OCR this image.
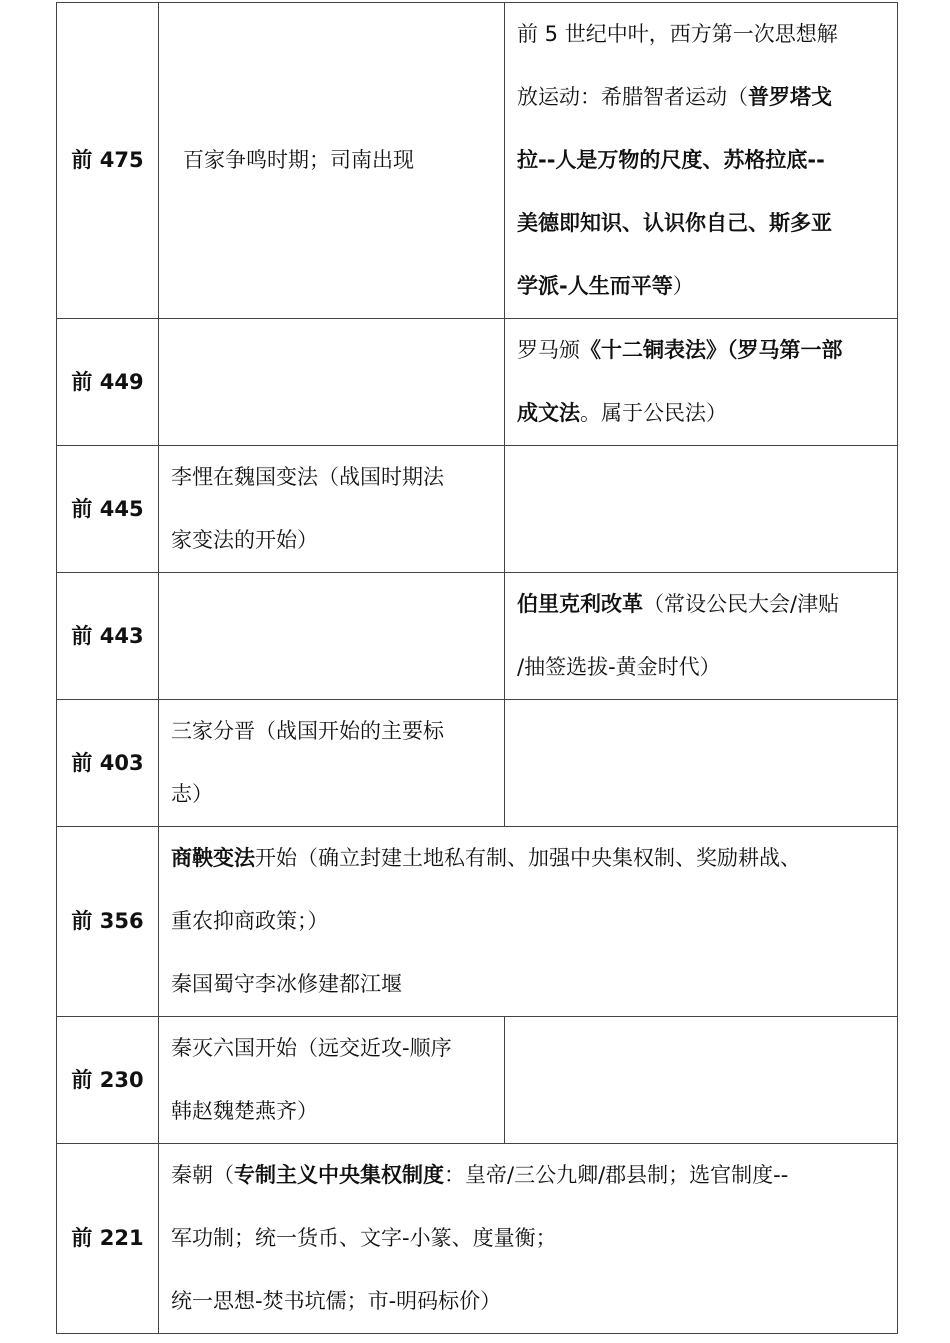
前 475	百家争鸣时期；司南出现	前 5 世纪中叶，西方第一次思想解
放运动：希腊智者运动（普罗塔戈
拉--人是万物的尺度、苏格拉底--
美德即知识、认识你自己、斯多亚
学派-人生而平等）

前 449		罗马颁《十二铜表法》（罗马第一部
成文法。属于公民法）

前 445	李悝在魏国变法（战国时期法
家变法的开始）	

前 443		伯里克利改革（常设公民大会/津贴
/抽签选拔-黄金时代）

前 403	三家分晋（战国开始的主要标
志）	

前 356	商鞅变法开始（确立封建土地私有制、加强中央集权制、奖励耕战、
重农抑商政策；）
秦国蜀守李冰修建都江堰	

前 230	秦灭六国开始（远交近攻-顺序
韩赵魏楚燕齐）	

前 221	秦朝（专制主义中央集权制度：皇帝/三公九卿/郡县制；选官制度--
军功制；统一货币、文字-小篆、度量衡；
统一思想-焚书坑儒；市-明码标价）	
